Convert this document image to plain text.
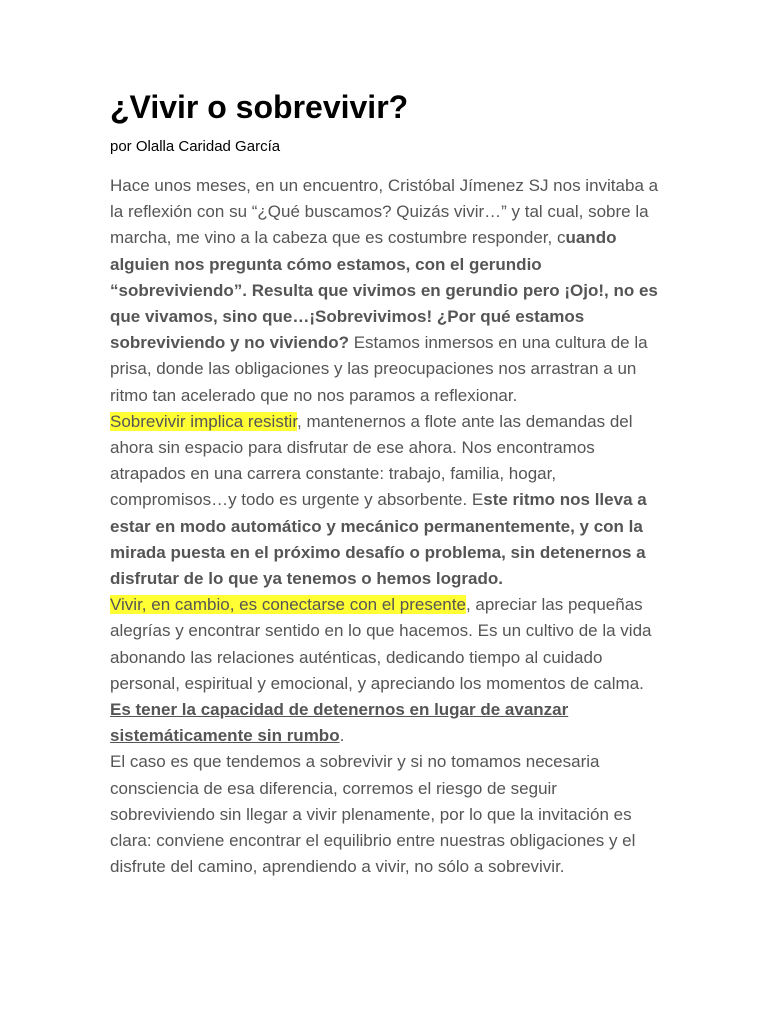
¿Vivir o sobrevivir?
por Olalla Caridad García

Hace unos meses, en un encuentro, Cristóbal Jímenez SJ nos invitaba a la reflexión con su “¿Qué buscamos? Quizás vivir…” y tal cual, sobre la marcha, me vino a la cabeza que es costumbre responder, cuando alguien nos pregunta cómo estamos, con el gerundio “sobreviviendo”. Resulta que vivimos en gerundio pero ¡Ojo!, no es que vivamos, sino que…¡Sobrevivimos! ¿Por qué estamos sobreviviendo y no viviendo? Estamos inmersos en una cultura de la prisa, donde las obligaciones y las preocupaciones nos arrastran a un ritmo tan acelerado que no nos paramos a reflexionar.

Sobrevivir implica resistir, mantenernos a flote ante las demandas del ahora sin espacio para disfrutar de ese ahora. Nos encontramos atrapados en una carrera constante: trabajo, familia, hogar, compromisos…y todo es urgente y absorbente. Este ritmo nos lleva a estar en modo automático y mecánico permanentemente, y con la mirada puesta en el próximo desafío o problema, sin detenernos a disfrutar de lo que ya tenemos o hemos logrado.

Vivir, en cambio, es conectarse con el presente, apreciar las pequeñas alegrías y encontrar sentido en lo que hacemos. Es un cultivo de la vida abonando las relaciones auténticas, dedicando tiempo al cuidado personal, espiritual y emocional, y apreciando los momentos de calma. Es tener la capacidad de detenernos en lugar de avanzar sistemáticamente sin rumbo.

El caso es que tendemos a sobrevivir y si no tomamos necesaria consciencia de esa diferencia, corremos el riesgo de seguir sobreviviendo sin llegar a vivir plenamente, por lo que la invitación es clara: conviene encontrar el equilibrio entre nuestras obligaciones y el disfrute del camino, aprendiendo a vivir, no sólo a sobrevivir.
